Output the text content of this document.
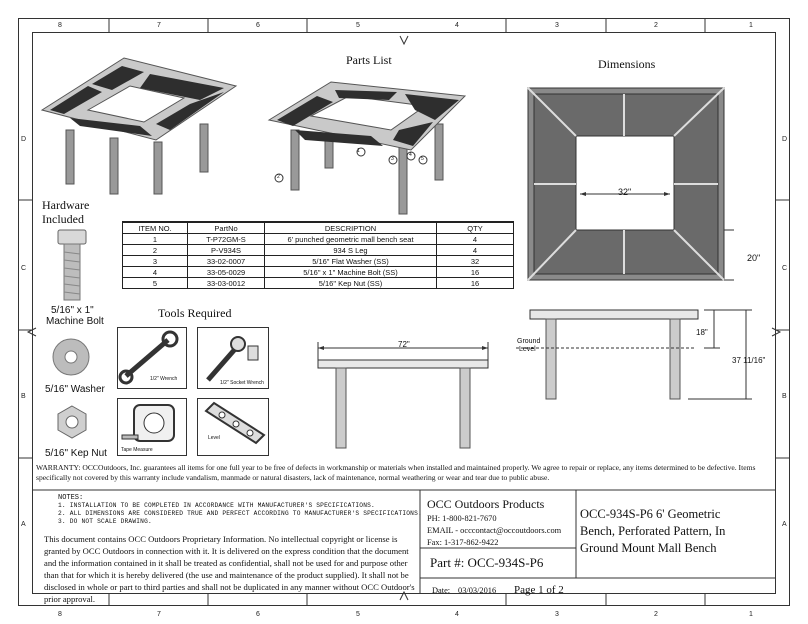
8	7	6	5	4	3	2	1
8	7	6	5	4	3	2	1
D
C
B
A
D
C
B
A
Parts List	Dimensions
Hardware
Included
Tools Required
1
2
3
4
5
ITEM NO.	PartNo	DESCRIPTION	QTY
1	T-P72GM-S	6' punched geometric mall bench seat	4
2	P-V934S	934 S Leg	4
3	33-02-0007	5/16" Flat Washer (SS)	32
4	33-05-0029	5/16" x 1" Machine Bolt (SS)	16
5	33-03-0012	5/16" Kep Nut (SS)	16
5/16" x 1"
Machine Bolt
5/16" Washer
5/16" Kep Nut
1/2" Wrench
1/2" Socket Wrench
Tape Measure
Level
72"
32"
20"
Ground
Level
18"
37 11/16"
WARRANTY: OCCOutdoors, Inc. guarantees all items for one full year to be free of defects in workmanship or materials when installed and maintained properly. We agree to repair or replace, any items determined to be defective. Items specifically not covered by this warranty include vandalism, manmade or natural disasters, lack of maintenance, normal weathering or wear and tear due to public abuse.
NOTES:
1. INSTALLATION TO BE COMPLETED IN ACCORDANCE WITH MANUFACTURER'S SPECIFICATIONS.
2. ALL DIMENSIONS ARE CONSIDERED TRUE AND PERFECT ACCORDING TO MANUFACTURER'S SPECIFICATIONS.
3. DO NOT SCALE DRAWING.
This document contains OCC Outdoors Proprietary Information. No intellectual copyright or license is granted by OCC Outdoors in connection with it. It is delivered on the express condition that the document and the information contained in it shall be treated as confidential, shall not be used for and purpose other than that for which it is hereby delivered (the use and maintenance of the product supplied). It shall not be disclosed in whole or part to third parties and shall not be duplicated in any manner without OCC Outdoor's prior approval.
OCC Outdoors Products
PH: 1-800-821-7670
EMAIL - occcontact@occoutdoors.com
Fax: 1-317-862-9422
Part #: OCC-934S-P6
OCC-934S-P6 6' Geometric
Bench, Perforated Pattern, In
Ground Mount Mall Bench
Date: 03/03/2016 Page 1 of 2
